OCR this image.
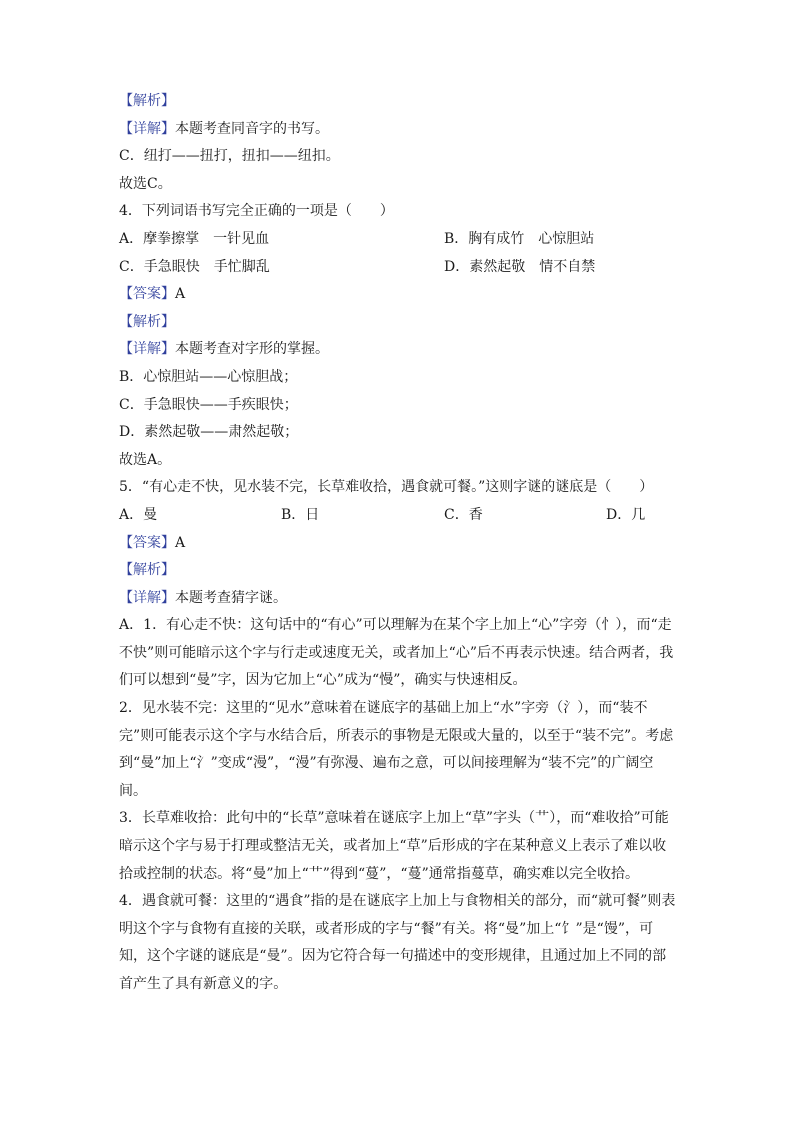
【解析】
【详解】本题考查同音字的书写。
C．纽打——扭打，扭扣——纽扣。
故选C。
4．下列词语书写完全正确的一项是（　　）
A．摩拳擦掌　一针见血	B．胸有成竹　心惊胆站
C．手急眼快　手忙脚乱	D．素然起敬　情不自禁
【答案】A
【解析】
【详解】本题考查对字形的掌握。
B．心惊胆站——心惊胆战；
C．手急眼快——手疾眼快；
D．素然起敬——肃然起敬；
故选A。
5．“有心走不快，见水装不完，长草难收拾，遇食就可餐。”这则字谜的谜底是（　　）
A．曼	B．日	C．香	D．几
【答案】A
【解析】
【详解】本题考查猜字谜。
A．1．有心走不快：这句话中的“有心”可以理解为在某个字上加上“心”字旁（忄），而“走不快”则可能暗示这个字与行走或速度无关，或者加上“心”后不再表示快速。结合两者，我们可以想到“曼”字，因为它加上“心”成为“慢”，确实与快速相反。
2．见水装不完：这里的“见水”意味着在谜底字的基础上加上“水”字旁（氵），而“装不完”则可能表示这个字与水结合后，所表示的事物是无限或大量的，以至于“装不完”。考虑到“曼”加上“氵”变成“漫”，“漫”有弥漫、遍布之意，可以间接理解为“装不完”的广阔空间。
3．长草难收拾：此句中的“长草”意味着在谜底字上加上“草”字头（艹），而“难收拾”可能暗示这个字与易于打理或整洁无关，或者加上“草”后形成的字在某种意义上表示了难以收拾或控制的状态。将“曼”加上“艹”得到“蔓”，“蔓”通常指蔓草，确实难以完全收拾。
4．遇食就可餐：这里的“遇食”指的是在谜底字上加上与食物相关的部分，而“就可餐”则表明这个字与食物有直接的关联，或者形成的字与“餐”有关。将“曼”加上“饣”是“馒”，可知，这个字谜的谜底是“曼”。因为它符合每一句描述中的变形规律，且通过加上不同的部首产生了具有新意义的字。
